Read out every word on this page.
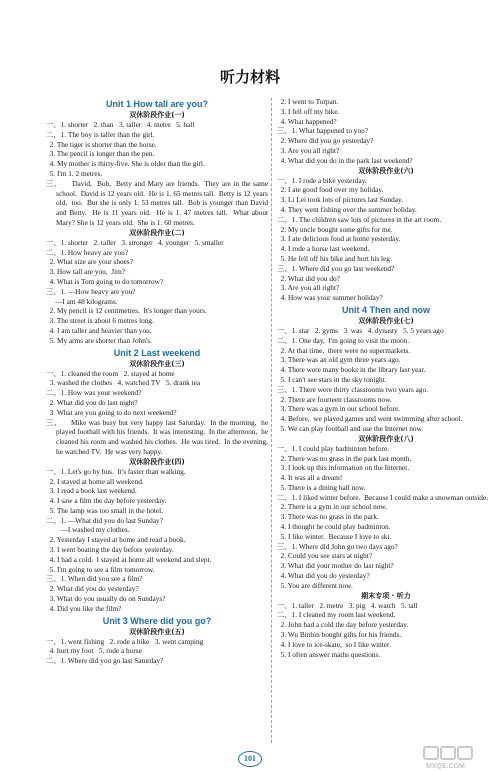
听力材料
Unit 1 How tall are you?
双休阶段作业(一)
一、1. shorter   2. than   3. taller   4. metre   5. hall
二、1. The boy is taller than the girl.
2. The tiger is shorter than the horse.
3. The pencil is longer than the pen.
4. My mother is thirty-five. She is older than the girl.
5. I'm 1. 2 metres.
三、    David,  Bob,  Betty and Mary are friends.  They are in the same school.  David is 12 years old.  He is 1. 65 metres tall.  Betty is 12 years old,  too.  But she is only 1. 53 metres tall.  Bob is younger than David and Betty.  He is 11 years old.  He is 1. 47 metres tall.  What about Mary? She is 12 years old.  She is 1. 60 metres.
双休阶段作业(二)
一、1. shorter   2. taller   3. stronger   4. younger   5. smaller
二、1. How heavy are you?
2. What size are your shoes?
3. How tall are you,  Jim?
4. What is Tom going to do tomorrow?
三、1. —How heavy are you?
—I am 48 kilograms.
2. My pencil is 12 centimetres.  It's longer than yours.
3. The street is about 6 metres long.
4. I am taller and heavier than you.
5. My arms are shorter than John's.
Unit 2 Last weekend
双休阶段作业(三)
一、1. cleaned the room   2. stayed at home
3. washed the clothes   4. watched TV   5. drank tea
二、1. How was your weekend?
2. What did you do last night?
3. What are you going to do next weekend?
三、    Mike was busy but very happy last Saturday.  In the morning,  he played football with his friends.  It was interesting.  In the afternoon,  he cleaned his room and washed his clothes.  He was tired.  In the evening,  he watched TV.  He was very happy.
双休阶段作业(四)
一、1. Let's go by bus.  It's faster than walking.
2. I stayed at home all weekend.
3. I read a book last weekend.
4. I saw a film the day before yesterday.
5. The lamp was too small in the hotel.
二、1. —What did you do last Sunday?
—I washed my clothes.
2. Yesterday I stayed at home and read a book.
3. I went boating the day before yesterday.
4. I had a cold.  I stayed at home all weekend and slept.
5. I'm going to see a film tomorrow.
三、1. When did you see a film?
2. What did you do yesterday?
3. What do you usually do on Sundays?
4. Did you like the film?
Unit 3 Where did you go?
双休阶段作业(五)
一、1. went fishing   2. rode a bike   3. went camping
4. hurt my foot   5. rode a horse
二、1. Where did you go last Saturday?
2. I went to Turpan.
3. I fell off my bike.
4. What happened?
三、1. What happened to you?
2. Where did you go yesterday?
3. Are you all right?
4. What did you do in the park last weekend?
双休阶段作业(六)
一、1. I rode a bike yesterday.
2. I ate good food over my holiday.
3. Li Lei took lots of pictures last Sunday.
4. They went fishing over the summer holiday.
二、1. The children saw lots of pictures in the art room.
2. My uncle bought some gifts for me.
3. I ate delicious food at home yesterday.
4. I rode a horse last weekend.
5. He fell off his bike and hurt his leg.
三、1. Where did you go last weekend?
2. What did you do?
3. Are you all right?
4. How was your summer holiday?
Unit 4 Then and now
双休阶段作业(七)
一、1. star   2. gyms   3. was   4. dynasty   5. 5 years ago
二、1. One day,  I'm going to visit the moon.
2. At that time,  there were no supermarkets.
3. There was an old gym three years ago.
4. There were many books in the library last year.
5. I can't see stars in the sky tonight.
三、1. There were thirty classrooms two years ago.
2. There are fourteen classrooms now.
3. There was a gym in our school before.
4. Before,  we played games and went swimming after school.
5. We can play football and use the Internet now.
双休阶段作业(八)
一、1. I could play badminton before.
2. There was no grass in the park last month.
3. I look up this information on the Internet.
4. It was all a dream!
5. There is a dining hall now.
二、1. I liked winter before.  Because I could make a snowman outside.
2. There is a gym in our school now.
3. There was no grass in the park.
4. I thought he could play badminton.
5. I like winter.  Because I love to ski.
三、1. Where did John go two days ago?
2. Could you see stars at night?
3. What did your mother do last night?
4. What did you do yesterday?
5. You are different now.
期末专项 · 听力
一、1. taller   2. metre   3. pig   4. watch   5. tall
二、1. I cleaned my room last weekend.
2. John had a cold the day before yesterday.
3. Wu Binbin bought gifts for his friends.
4. I love to ice-skate,  so I like winter.
5. I often answer maths questions.
101
MXQE.COM
